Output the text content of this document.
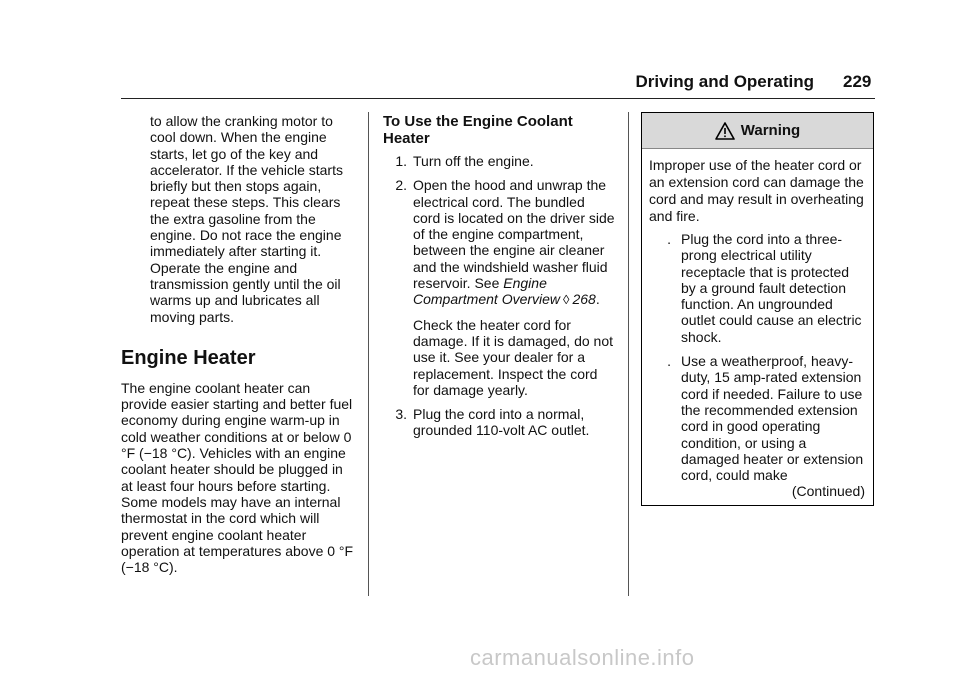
Driving and Operating 229

to allow the cranking motor to cool down. When the engine starts, let go of the key and accelerator. If the vehicle starts briefly but then stops again, repeat these steps. This clears the extra gasoline from the engine. Do not race the engine immediately after starting it. Operate the engine and transmission gently until the oil warms up and lubricates all moving parts.

Engine Heater

The engine coolant heater can provide easier starting and better fuel economy during engine warm-up in cold weather conditions at or below 0 °F (−18 °C). Vehicles with an engine coolant heater should be plugged in at least four hours before starting. Some models may have an internal thermostat in the cord which will prevent engine coolant heater operation at temperatures above 0 °F (−18 °C).

To Use the Engine Coolant Heater
1. Turn off the engine.

2. Open the hood and unwrap the electrical cord. The bundled cord is located on the driver side of the engine compartment, between the engine air cleaner and the windshield washer fluid reservoir. See Engine Compartment Overview ◊ 268.

Check the heater cord for damage. If it is damaged, do not use it. See your dealer for a replacement. Inspect the cord for damage yearly.

3. Plug the cord into a normal, grounded 110-volt AC outlet.

Warning

Improper use of the heater cord or an extension cord can damage the cord and may result in overheating and fire.

. Plug the cord into a three-prong electrical utility receptacle that is protected by a ground fault detection function. An ungrounded outlet could cause an electric shock.
. Use a weatherproof, heavy-duty, 15 amp-rated extension cord if needed. Failure to use the recommended extension cord in good operating condition, or using a damaged heater or extension cord, could make
(Continued)
carmanualsonline.info
